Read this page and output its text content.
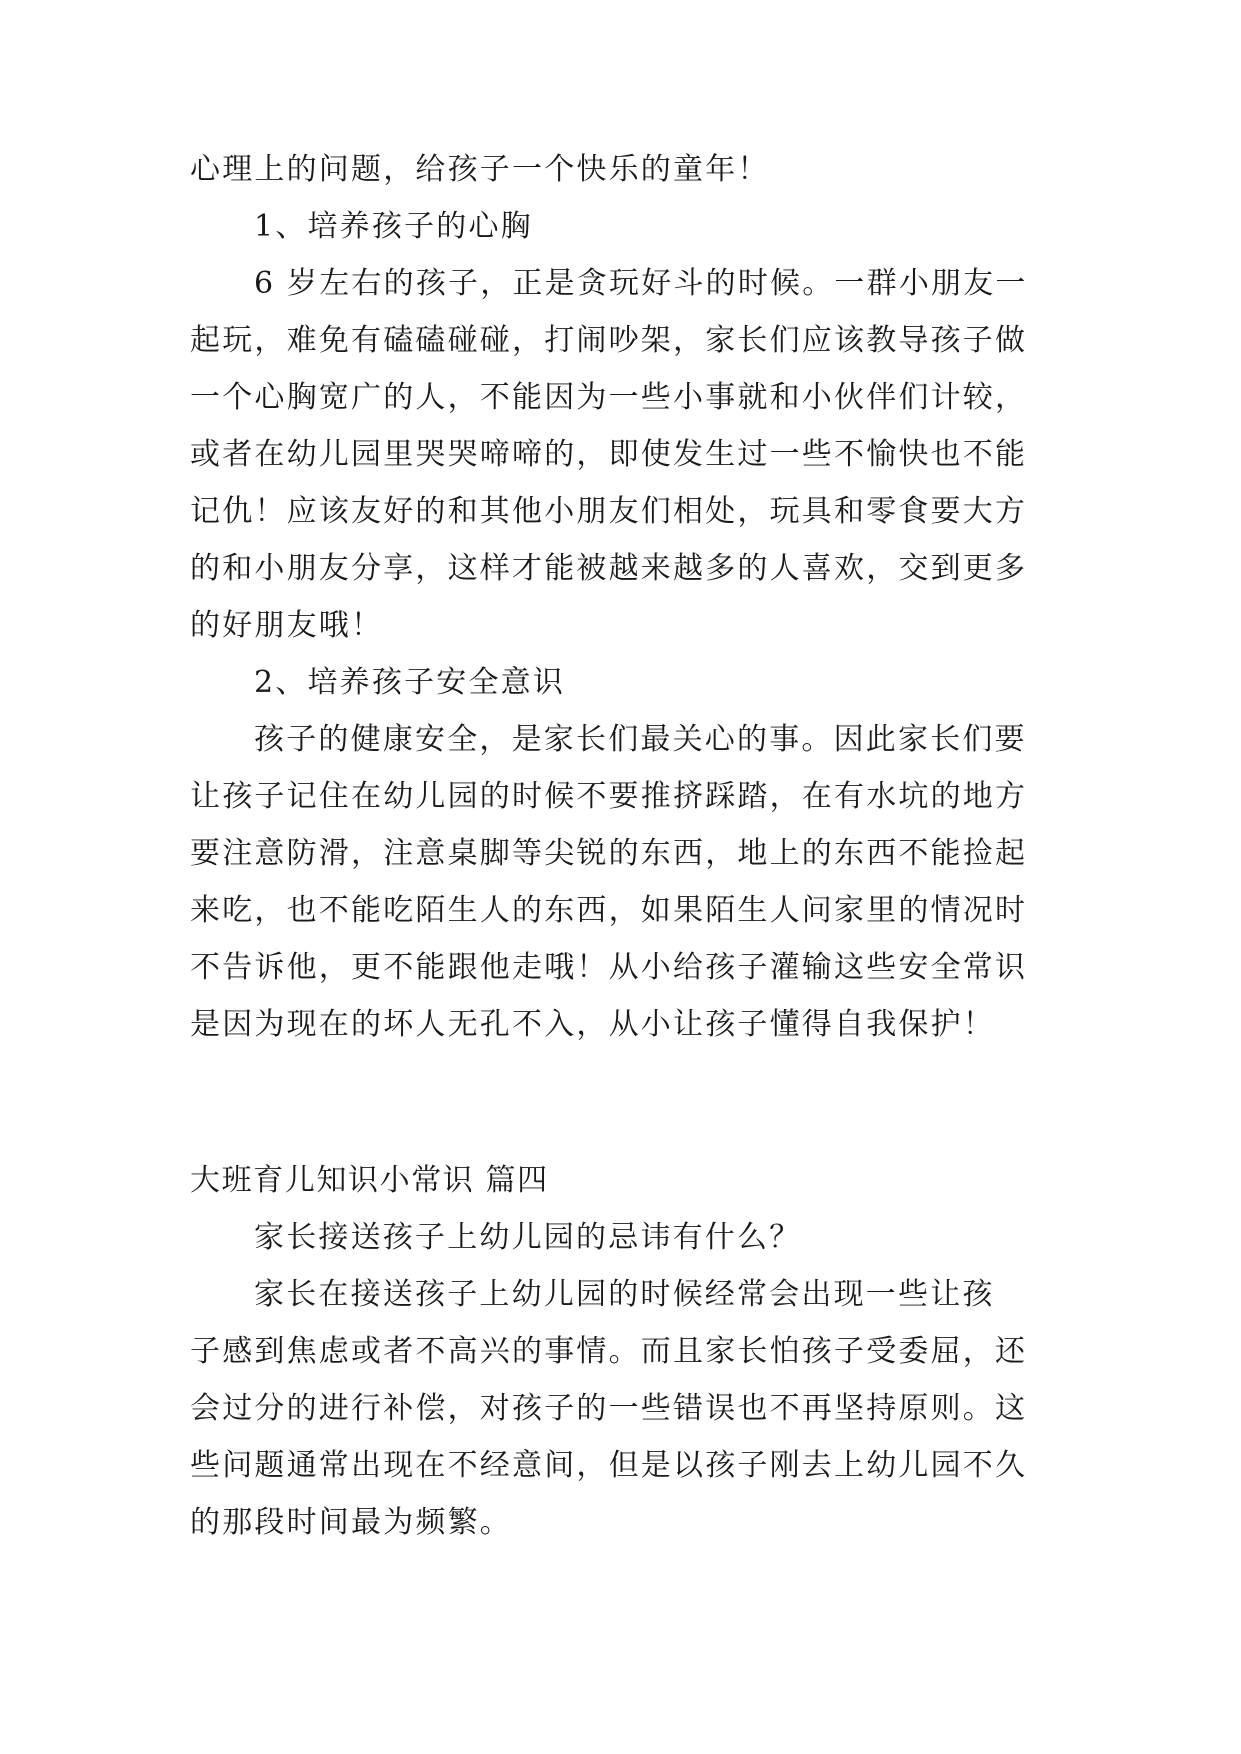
心理上的问题，给孩子一个快乐的童年！
1、培养孩子的心胸
6 岁左右的孩子，正是贪玩好斗的时候。一群小朋友一
起玩，难免有磕磕碰碰，打闹吵架，家长们应该教导孩子做
一个心胸宽广的人，不能因为一些小事就和小伙伴们计较，
或者在幼儿园里哭哭啼啼的，即使发生过一些不愉快也不能
记仇！应该友好的和其他小朋友们相处，玩具和零食要大方
的和小朋友分享，这样才能被越来越多的人喜欢，交到更多
的好朋友哦！
2、培养孩子安全意识
孩子的健康安全，是家长们最关心的事。因此家长们要
让孩子记住在幼儿园的时候不要推挤踩踏，在有水坑的地方
要注意防滑，注意桌脚等尖锐的东西，地上的东西不能捡起
来吃，也不能吃陌生人的东西，如果陌生人问家里的情况时
不告诉他，更不能跟他走哦！从小给孩子灌输这些安全常识
是因为现在的坏人无孔不入，从小让孩子懂得自我保护！
大班育儿知识小常识 篇四
家长接送孩子上幼儿园的忌讳有什么？
家长在接送孩子上幼儿园的时候经常会出现一些让孩
子感到焦虑或者不高兴的事情。而且家长怕孩子受委屈，还
会过分的进行补偿，对孩子的一些错误也不再坚持原则。这
些问题通常出现在不经意间，但是以孩子刚去上幼儿园不久
的那段时间最为频繁。
